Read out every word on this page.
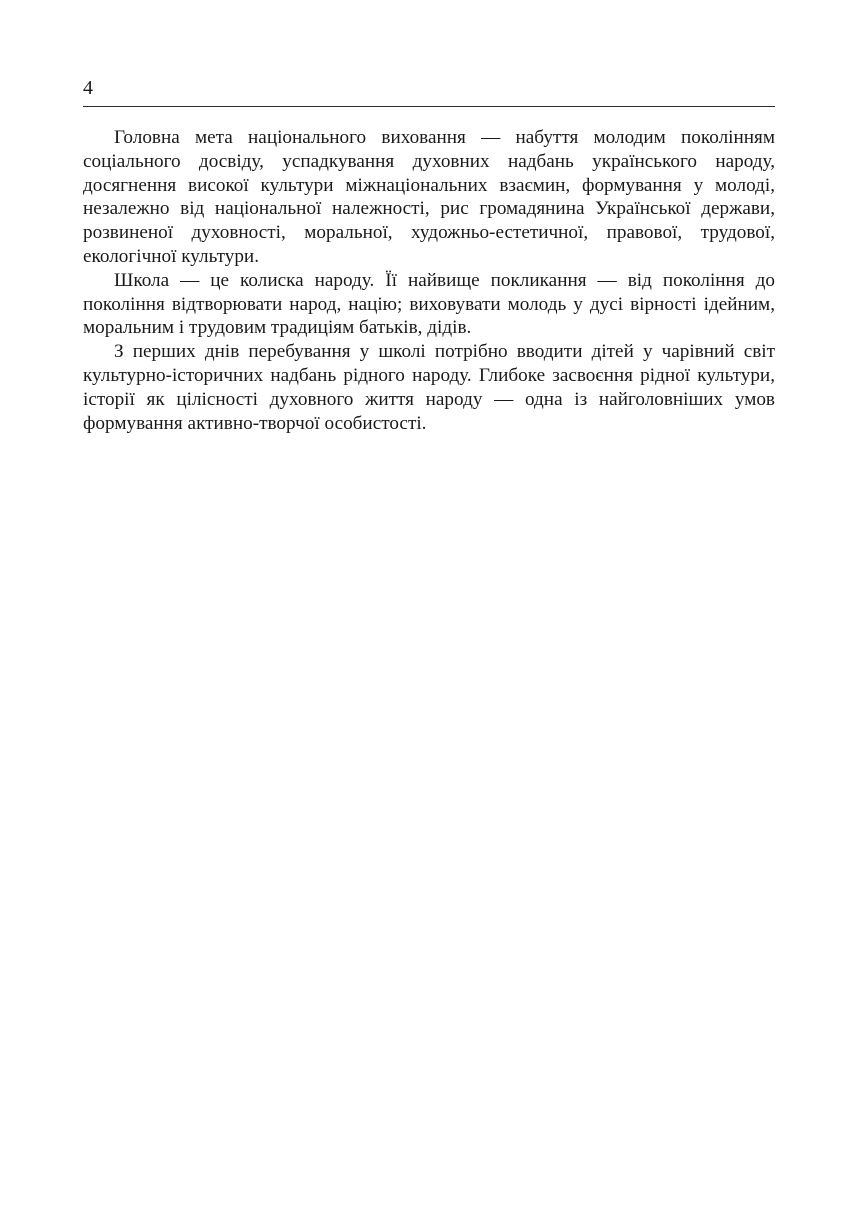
4

Головна мета національного виховання — набуття молодим поколінням соціального досвіду, успадкування духовних надбань українського народу, досягнення високої культури міжнаціональних взаємин, формування у молоді, незалежно від національної належності, рис громадянина Української держави, розвиненої духовності, моральної, художньо-естетичної, правової, трудової, екологічної культури.

Школа — це колиска народу. Її найвище покликання — від покоління до покоління відтворювати народ, націю; виховувати молодь у дусі вірності ідейним, моральним і трудовим традиціям батьків, дідів.

З перших днів перебування у школі потрібно вводити дітей у чарівний світ культурно-історичних надбань рідного народу. Глибоке засвоєння рідної культури, історії як цілісності духовного життя народу — одна із найголовніших умов формування активно-творчої особистості.
